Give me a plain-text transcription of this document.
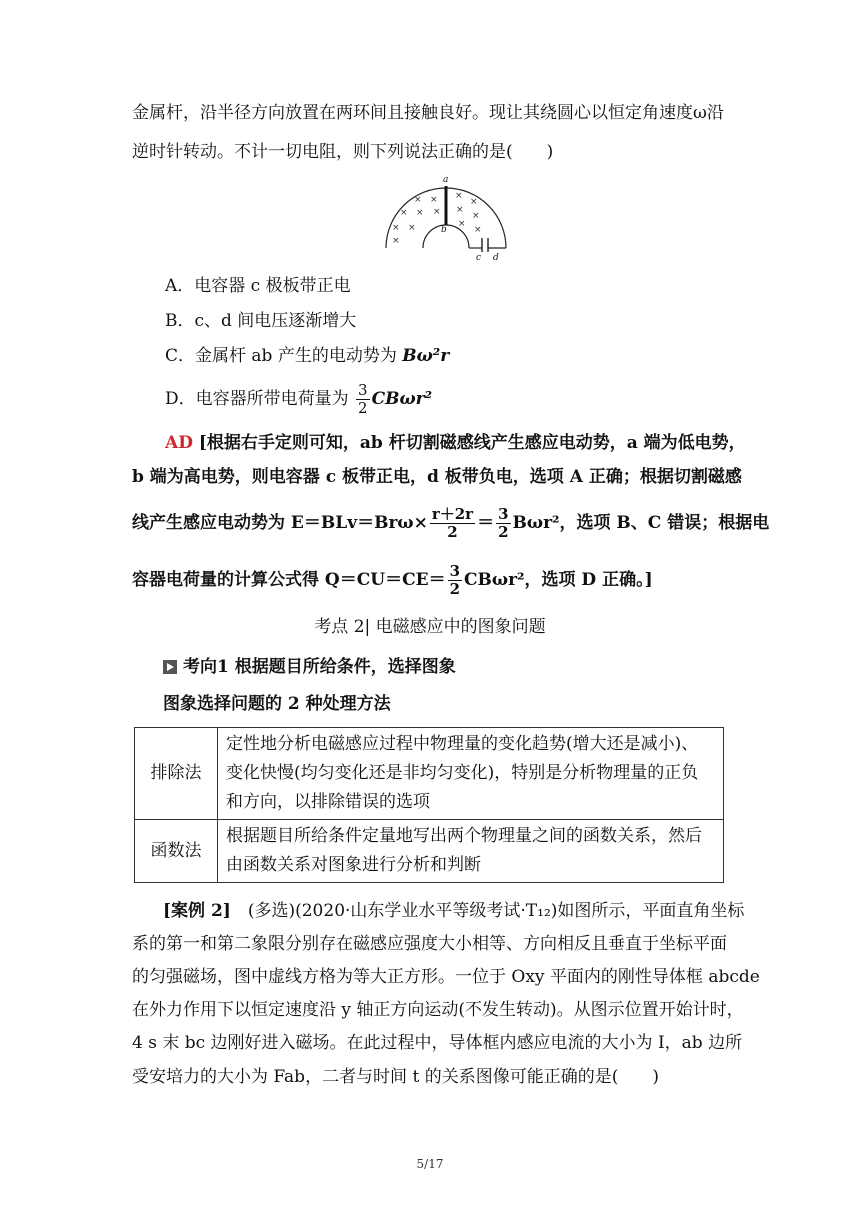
金属杆，沿半径方向放置在两环间且接触良好。现让其绕圆心以恒定角速度ω沿
逆时针转动。不计一切电阻，则下列说法正确的是(　　)
× × ×
×
× × × ×
×
× ×	×
×
×
a
b
c d
A．电容器 c 极板带正电
B．c、d 间电压逐渐增大
C．金属杆 ab 产生的电动势为 Bω²r
D．电容器所带电荷量为 $\frac{3}{2} CB\omega r^2$
AD [根据右手定则可知，ab 杆切割磁感线产生感应电动势，a 端为低电势，
b 端为高电势，则电容器 c 板带正电，d 板带负电，选项 A 正确；根据切割磁感
线产生感应电动势为 $E=BLv=Br\omega\times \frac{r+2r}{2} = \frac{3}{2} B\omega r^2$，选项 B、C 错误；根据电
容器电荷量的计算公式得 $Q=CU=CE= \frac{3}{2} CB\omega r^2$，选项 D 正确。]
考点 2| 电磁感应中的图象问题
考向1 根据题目所给条件，选择图象
图象选择问题的 2 种处理方法
排除法	定性地分析电磁感应过程中物理量的变化趋势(增大还是减小)、变化快慢(均匀变化还是非均匀变化)，特别是分析物理量的正负和方向，以排除错误的选项
函数法	根据题目所给条件定量地写出两个物理量之间的函数关系，然后由函数关系对图象进行分析和判断
[案例 2]　(多选)(2020·山东学业水平等级考试·T₁₂)如图所示，平面直角坐标
系的第一和第二象限分别存在磁感应强度大小相等、方向相反且垂直于坐标平面
的匀强磁场，图中虚线方格为等大正方形。一位于 Oxy 平面内的刚性导体框 abcde
在外力作用下以恒定速度沿 y 轴正方向运动(不发生转动)。从图示位置开始计时，
4 s 末 bc 边刚好进入磁场。在此过程中，导体框内感应电流的大小为 I，ab 边所
受安培力的大小为 Fab，二者与时间 t 的关系图像可能正确的是(　　)
5/17
